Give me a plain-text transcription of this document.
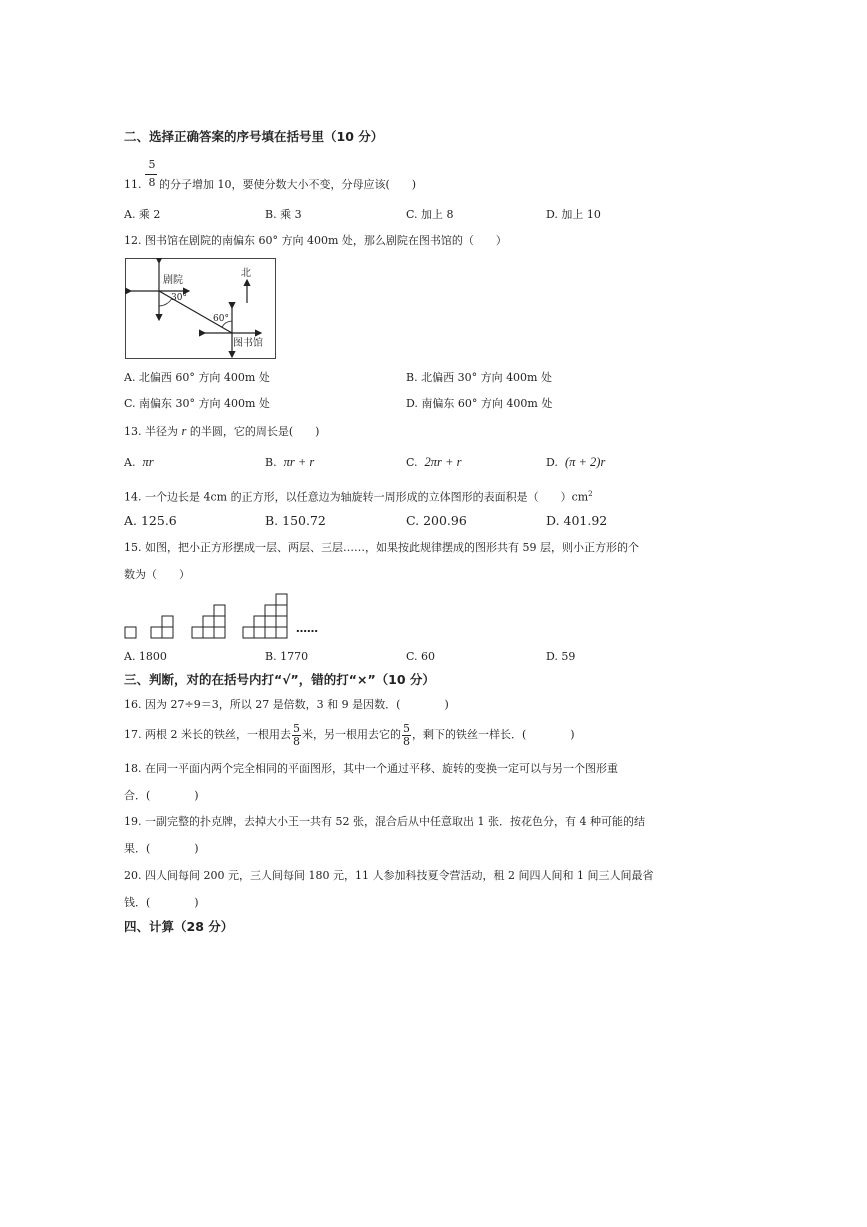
二、选择正确答案的序号填在括号里（10 分）
11.
5
8 的分子增加 10，要使分数大小不变，分母应该(　　)
A. 乘 2	B. 乘 3	C. 加上 8	D. 加上 10
12. 图书馆在剧院的南偏东 60° 方向 400m 处，那么剧院在图书馆的（　　）
剧院
北
30°
60°
图书馆
A. 北偏西 60° 方向 400m 处	B. 北偏西 30° 方向 400m 处
C. 南偏东 30° 方向 400m 处	D. 南偏东 60° 方向 400m 处
13. 半径为 r 的半圆，它的周长是(　　)
A. πr	B. πr + r	C. 2πr + r	D. (π + 2)r
14. 一个边长是 4cm 的正方形，以任意边为轴旋转一周形成的立体图形的表面积是（　　）$cm^2$
A. 125.6	B. 150.72	C. 200.96	D. 401.92
15. 如图，把小正方形摆成一层、两层、三层……，如果按此规律摆成的图形共有 59 层，则小正方形的个
数为（　　）
……
A. 1800	B. 1770	C. 60	D. 59
三、判断，对的在括号内打“√”，错的打“×”（10 分）
16. 因为 27÷9＝3，所以 27 是倍数，3 和 9 是因数．(　　　　)
17. 两根 2 米长的铁丝，一根用去 $\frac{5}{8}$ 米，另一根用去它的 $\frac{5}{8}$ ，剩下的铁丝一样长．(　　　　)
18. 在同一平面内两个完全相同的平面图形，其中一个通过平移、旋转的变换一定可以与另一个图形重
合．(　　　　)
19. 一副完整的扑克牌，去掉大小王一共有 52 张，混合后从中任意取出 1 张．按花色分，有 4 种可能的结
果．(　　　　)
20. 四人间每间 200 元，三人间每间 180 元，11 人参加科技夏令营活动，租 2 间四人间和 1 间三人间最省
钱．(　　　　)
四、计算（28 分）
